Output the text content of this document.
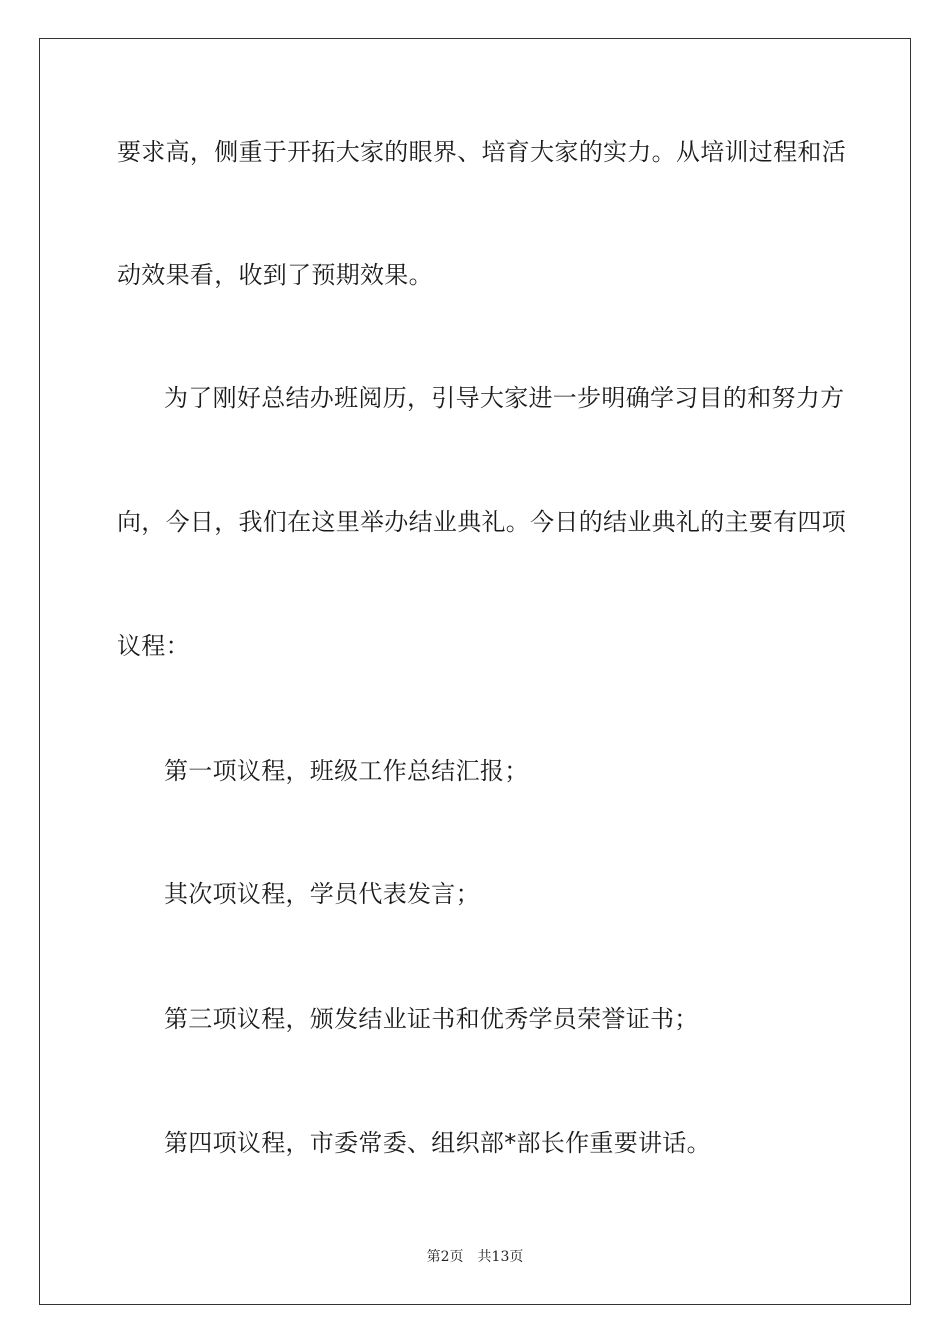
要求高，侧重于开拓大家的眼界、培育大家的实力。从培训过程和活
动效果看，收到了预期效果。
为了刚好总结办班阅历，引导大家进一步明确学习目的和努力方
向，今日，我们在这里举办结业典礼。今日的结业典礼的主要有四项
议程：
第一项议程，班级工作总结汇报；
其次项议程，学员代表发言；
第三项议程，颁发结业证书和优秀学员荣誉证书；
第四项议程，市委常委、组织部*部长作重要讲话。
第2页 共13页
